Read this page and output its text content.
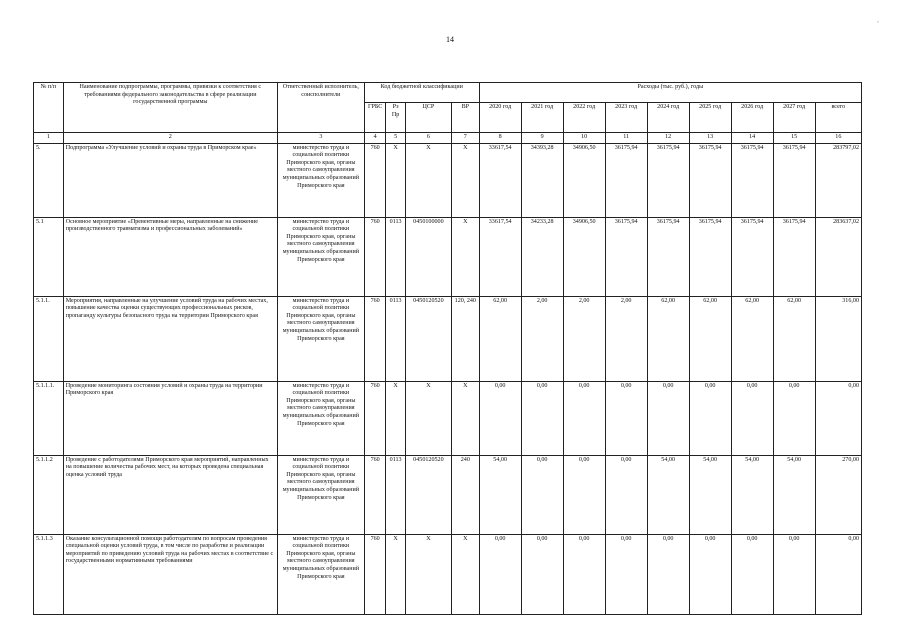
14
‹
№ п/п	Наименование подпрограммы, программы, привязки к соответствия с требованиями федерального законодательства в сфере реализации государственной программы	Ответственный исполнитель, соисполнители	Код бюджетной классификации				Расходы (тыс. руб.), годы								
			ГРБС	Рз Пр	ЦСР	ВР	2020 год	2021 год	2022 год	2023 год	2024 год	2025 год	2026 год	2027 год	всего
1	2	3	4	5	6	7	8	9	10	11	12	13	14	15	16
5.	Подпрограмма «Улучшение условий и охраны труда в Приморском крае»	министерство труда и социальной политики Приморского края, органы местного самоуправления муниципальных образований Приморского края	760	X	X	X	33617,54	34393,28	34906,50	36175,94	36175,94	36175,94	36175,94	36175,94	283797,02
5.1	Основное мероприятие «Превентивные меры, направленные на снижение производственного травматизма и профессиональных заболеваний»	министерство труда и социальной политики Приморского края, органы местного самоуправления муниципальных образований Приморского края	760	0113	0450100000	X	33617,54	34233,28	34906,50	36175,94	36175,94	36175,94	36175,94	36175,94	283637,02
5.1.1.	Мероприятия, направленные на улучшение условий труда на рабочих местах, повышение качества оценки существующих профессиональных рисков, пропаганду культуры безопасного труда на территории Приморского края	министерство труда и социальной политики Приморского края, органы местного самоуправления муниципальных образований Приморского края	760	0113	0450120520	120, 240	62,00	2,00	2,00	2,00	62,00	62,00	62,00	62,00	316,00
5.1.1.1.	Проведение мониторинга состояния условий и охраны труда на территории Приморского края	министерство труда и социальной политики Приморского края, органы местного самоуправления муниципальных образований Приморского края	760	X	X	X	0,00	0,00	0,00	0,00	0,00	0,00	0,00	0,00	0,00
5.1.1.2	Проведение с работодателями Приморского края мероприятий, направленных на повышение количества рабочих мест, на которых проведена специальная оценка условий труда	министерство труда и социальной политики Приморского края, органы местного самоуправления муниципальных образований Приморского края	760	0113	0450120520	240	54,00	0,00	0,00	0,00	54,00	54,00	54,00	54,00	270,00
5.1.1.3	Оказание консультационной помощи работодателям по вопросам проведения специальной оценки условий труда, в том числе по разработке и реализации мероприятий по приведению условий труда на рабочих местах в соответствие с государственными нормативными требованиями	министерство труда и социальной политики Приморского края, органы местного самоуправления муниципальных образований Приморского края	760	X	X	X	0,00	0,00	0,00	0,00	0,00	0,00	0,00	0,00	0,00
